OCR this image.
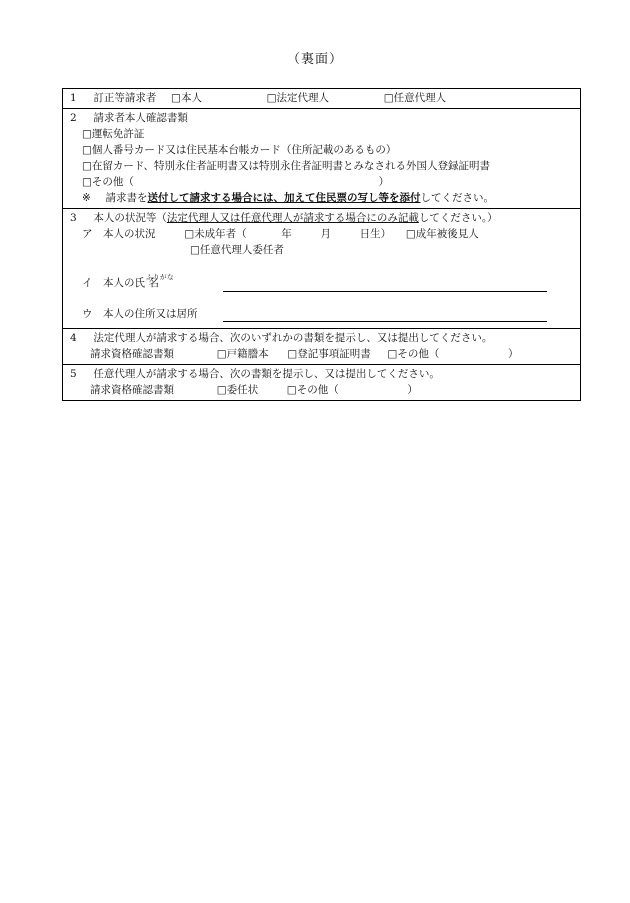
（裏面）
1 訂正等請求者 □本人	□法定代理人	□任意代理人
2 請求者本人確認書類
□運転免許証
□個人番号カード又は住民基本台帳カード（住所記載のあるもの）
□在留カード、特別永住者証明書又は特別永住者証明書とみなされる外国人登録証明書
□その他（	）
※ 請求書を送付して請求する場合には、加えて住民票の写し等を添付してください。
3 本人の状況等（法定代理人又は任意代理人が請求する場合にのみ記載してください。）
ア　本人の状況	□未成年者（	年	月	日生） □成年被後見人
□任意代理人委任者
ふりがな
イ　本人の氏 名
ウ　本人の住所又は居所
4 法定代理人が請求する場合、次のいずれかの書類を提示し、又は提出してください。
請求資格確認書類	□戸籍謄本 □登記事項証明書 □その他（	）
5 任意代理人が請求する場合、次の書類を提示し、又は提出してください。
請求資格確認書類	□委任状	□その他（	）
